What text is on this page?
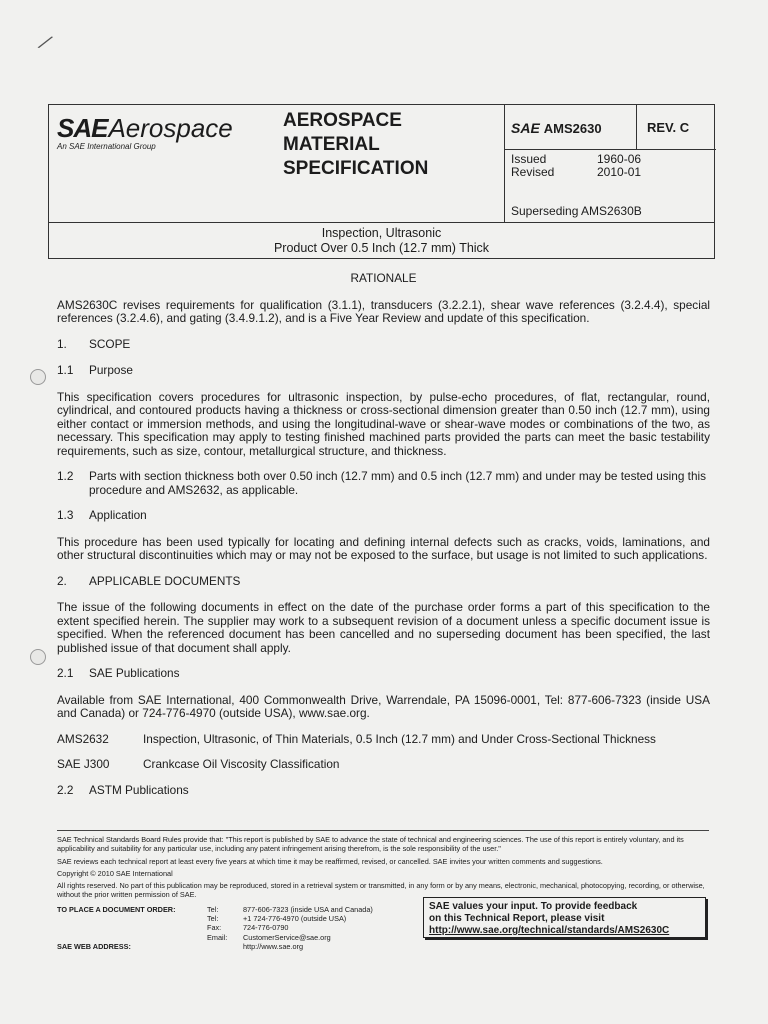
⁄
SAE Aerospace
An SAE International Group
AEROSPACE
MATERIAL
SPECIFICATION
SAE AMS2630	REV. C
Issued	1960-06
Revised	2010-01
Superseding AMS2630B
Inspection, Ultrasonic
Product Over 0.5 Inch (12.7 mm) Thick
RATIONALE

AMS2630C revises requirements for qualification (3.1.1), transducers (3.2.2.1), shear wave references (3.2.4.4), special references (3.2.4.6), and gating (3.4.9.1.2), and is a Five Year Review and update of this specification.

1.	SCOPE
1.1	Purpose

This specification covers procedures for ultrasonic inspection, by pulse-echo procedures, of flat, rectangular, round, cylindrical, and contoured products having a thickness or cross-sectional dimension greater than 0.50 inch (12.7 mm), using either contact or immersion methods, and using the longitudinal-wave or shear-wave modes or combinations of the two, as necessary. This specification may apply to testing finished machined parts provided the parts can meet the basic testability requirements, such as size, contour, metallurgical structure, and thickness.

1.2	Parts with section thickness both over 0.50 inch (12.7 mm) and 0.5 inch (12.7 mm) and under may be tested using this procedure and AMS2632, as applicable.
1.3	Application

This procedure has been used typically for locating and defining internal defects such as cracks, voids, laminations, and other structural discontinuities which may or may not be exposed to the surface, but usage is not limited to such applications.

2.	APPLICABLE DOCUMENTS

The issue of the following documents in effect on the date of the purchase order forms a part of this specification to the extent specified herein. The supplier may work to a subsequent revision of a document unless a specific document issue is specified. When the referenced document has been cancelled and no superseding document has been specified, the last published issue of that document shall apply.

2.1	SAE Publications

Available from SAE International, 400 Commonwealth Drive, Warrendale, PA 15096-0001, Tel: 877-606-7323 (inside USA and Canada) or 724-776-4970 (outside USA), www.sae.org.

AMS2632	Inspection, Ultrasonic, of Thin Materials, 0.5 Inch (12.7 mm) and Under Cross-Sectional Thickness
SAE J300	Crankcase Oil Viscosity Classification
2.2	ASTM Publications
SAE Technical Standards Board Rules provide that: "This report is published by SAE to advance the state of technical and engineering sciences. The use of this report is entirely voluntary, and its applicability and suitability for any particular use, including any patent infringement arising therefrom, is the sole responsibility of the user."
SAE reviews each technical report at least every five years at which time it may be reaffirmed, revised, or cancelled. SAE invites your written comments and suggestions.
Copyright © 2010 SAE International
All rights reserved. No part of this publication may be reproduced, stored in a retrieval system or transmitted, in any form or by any means, electronic, mechanical, photocopying, recording, or otherwise, without the prior written permission of SAE.
TO PLACE A DOCUMENT ORDER:	Tel:	877-606-7323 (inside USA and Canada)
Tel:	+1 724-776-4970 (outside USA)
Fax:	724-776-0790
Email:	CustomerService@sae.org
SAE WEB ADDRESS:	http://www.sae.org
SAE values your input. To provide feedback
on this Technical Report, please visit
http://www.sae.org/technical/standards/AMS2630C
